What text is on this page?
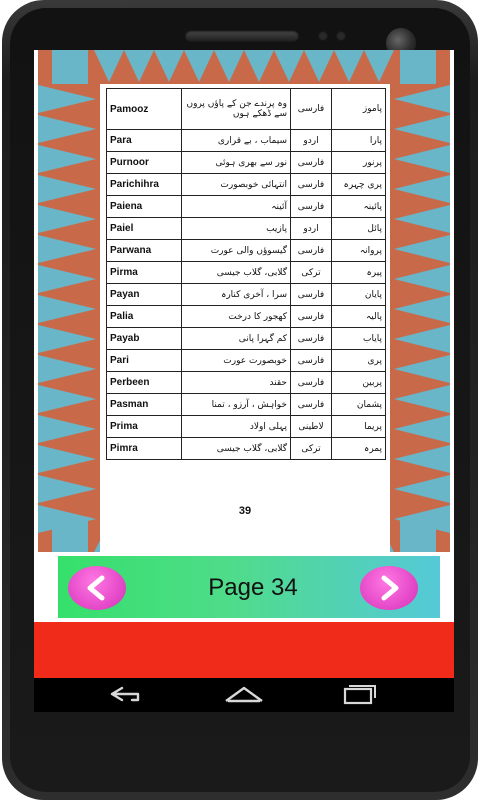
Pamooz	وہ پرندے جن کے پاؤں پروں سے ڈھکے ہوں	فارسی	پاموز
Para	سیماب ، بے قراری	اردو	پارا
Purnoor	نور سے بھری ہوئی	فارسی	پرنور
Parichihra	انتہائی خوبصورت	فارسی	پری چہرہ
Paiena	آئینہ	فارسی	پائینہ
Paiel	پازیب	اردو	پائل
Parwana	گیسوؤں والی عورت	فارسی	پروانہ
Pirma	گلابی، گلاب جیسی	ترکی	پیرہ
Payan	سرا ، آخری کنارہ	فارسی	پایان
Palia	کھجور کا درخت	فارسی	پالیہ
Payab	کم گہرا پانی	فارسی	پایاب
Pari	خوبصورت عورت	فارسی	پری
Perbeen	حقند	فارسی	پربین
Pasman	خواہش ، آرزو ، تمنا	فارسی	پشمان
Prima	پہلی اولاد	لاطینی	پریما
Pimra	گلابی، گلاب جیسی	ترکی	پمرہ
39
Page 34
